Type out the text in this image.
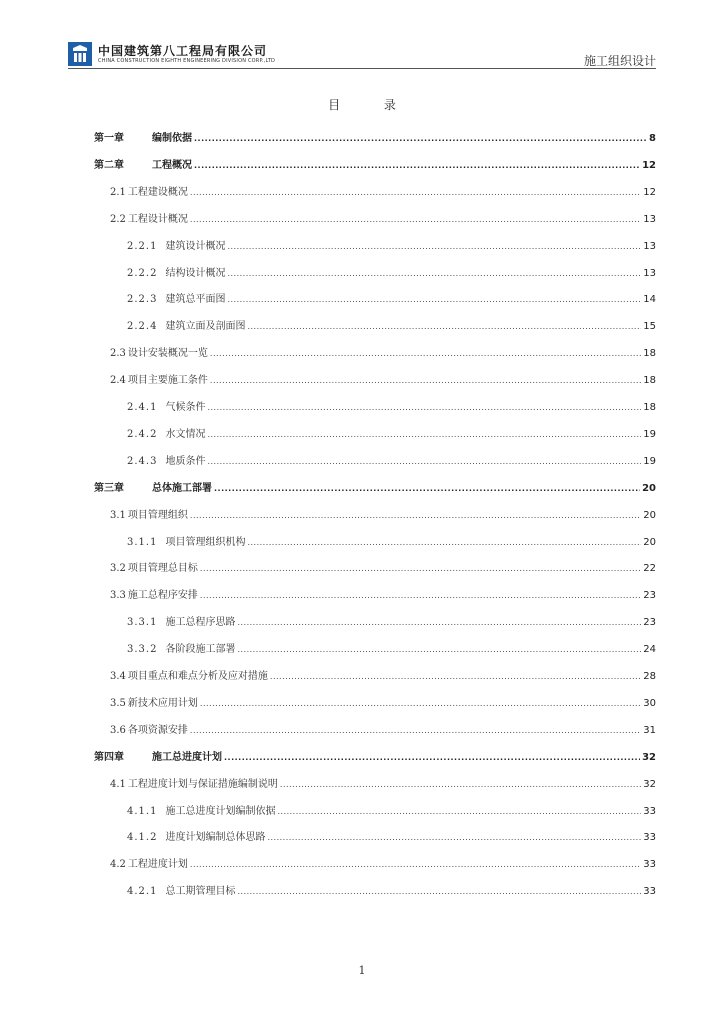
中国建筑第八工程局有限公司
CHINA CONSTRUCTION EIGHTH ENGINEERING DIVISION CORP.,LTD	施工组织设计
目 录
第一章	编制依据 .....	8
第二章	工程概况 .....	12
2.1 工程建设概况 .....	12
2.2 工程设计概况 .....	13
2.2.1 建筑设计概况 .....	13
2.2.2 结构设计概况 .....	13
2.2.3 建筑总平面图 .....	14
2.2.4 建筑立面及剖面图 .....	15
2.3 设计安装概况一览 .....	18
2.4 项目主要施工条件 .....	18
2.4.1 气候条件 .....	18
2.4.2 水文情况 .....	19
2.4.3 地质条件 .....	19
第三章	总体施工部署 .....	20
3.1 项目管理组织 .....	20
3.1.1 项目管理组织机构 .....	20
3.2 项目管理总目标 .....	22
3.3 施工总程序安排 .....	23
3.3.1 施工总程序思路 .....	23
3.3.2 各阶段施工部署 .....	24
3.4 项目重点和难点分析及应对措施 .....	28
3.5 新技术应用计划 .....	30
3.6 各项资源安排 .....	31
第四章	施工总进度计划 .....	32
4.1 工程进度计划与保证措施编制说明 .....	32
4.1.1 施工总进度计划编制依据 .....	33
4.1.2 进度计划编制总体思路 .....	33
4.2 工程进度计划 .....	33
4.2.1 总工期管理目标 .....	33
1
